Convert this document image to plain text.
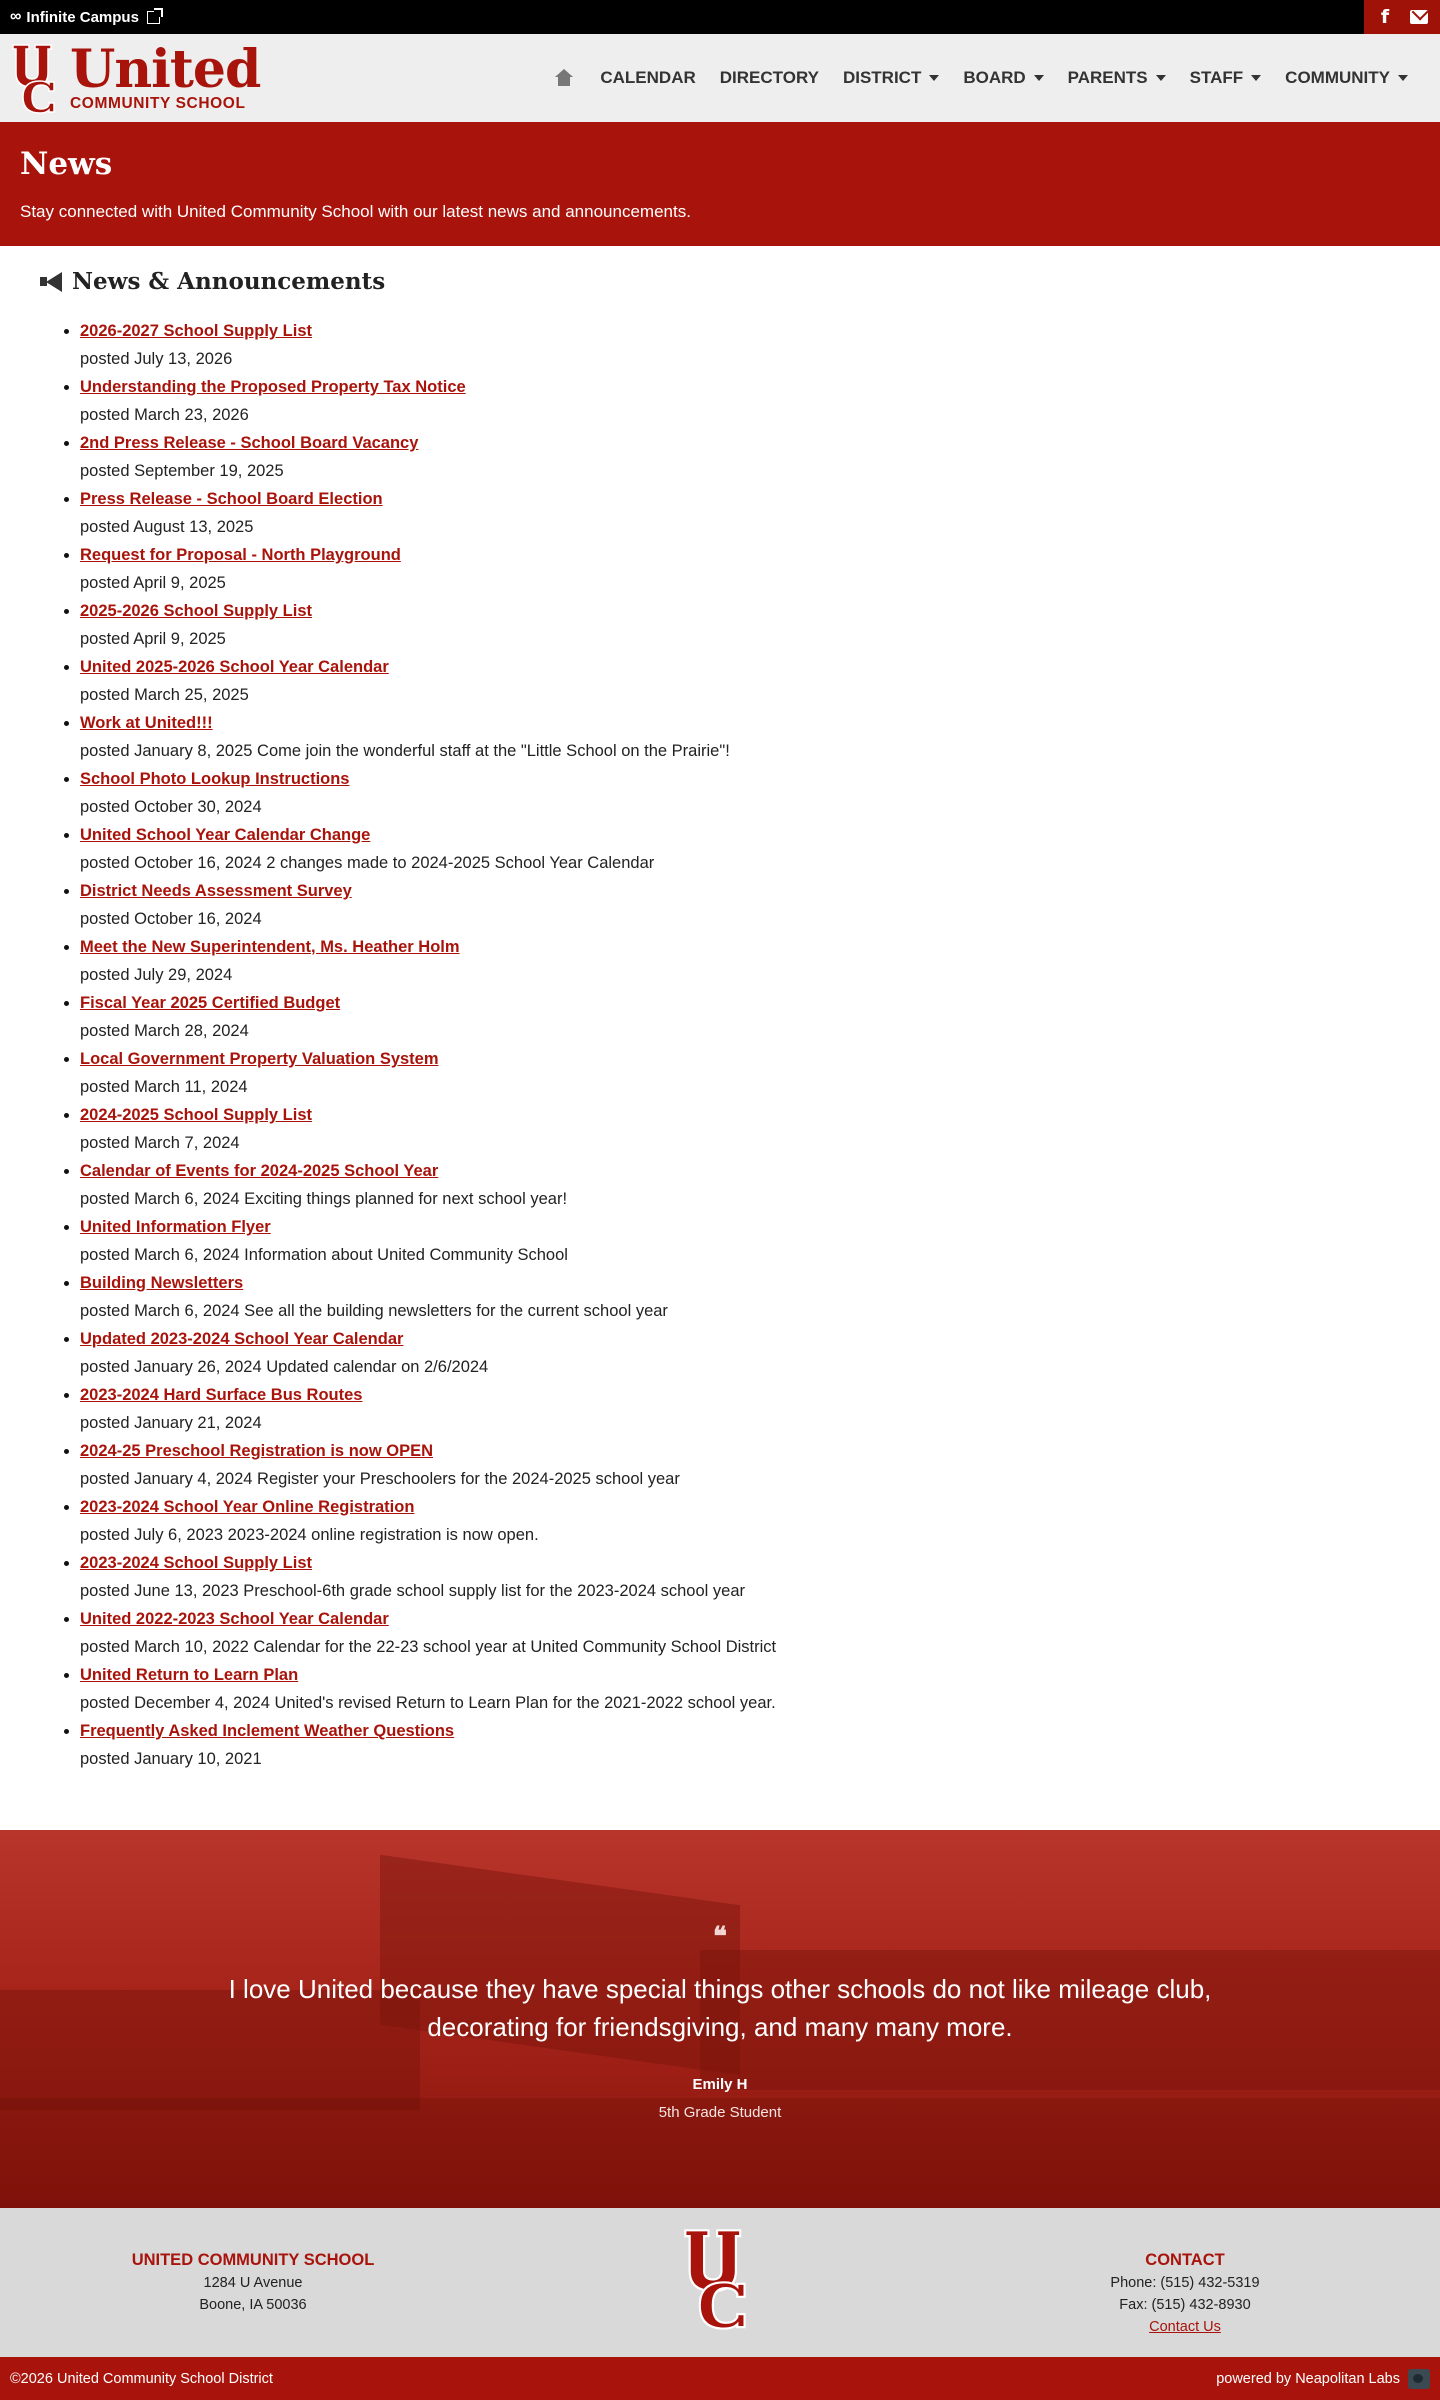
∞ Infinite Campus	f
United
COMMUNITY SCHOOL
CALENDAR DIRECTORY DISTRICT BOARD PARENTS STAFF COMMUNITY
News

Stay connected with United Community School with our latest news and announcements.

News & Announcements
• 2026-2027 School Supply List
posted July 13, 2026
• Understanding the Proposed Property Tax Notice
posted March 23, 2026
• 2nd Press Release - School Board Vacancy
posted September 19, 2025
• Press Release - School Board Election
posted August 13, 2025
• Request for Proposal - North Playground
posted April 9, 2025
• 2025-2026 School Supply List
posted April 9, 2025
• United 2025-2026 School Year Calendar
posted March 25, 2025
• Work at United!!!
posted January 8, 2025 Come join the wonderful staff at the "Little School on the Prairie"!
• School Photo Lookup Instructions
posted October 30, 2024
• United School Year Calendar Change
posted October 16, 2024 2 changes made to 2024-2025 School Year Calendar
• District Needs Assessment Survey
posted October 16, 2024
• Meet the New Superintendent, Ms. Heather Holm
posted July 29, 2024
• Fiscal Year 2025 Certified Budget
posted March 28, 2024
• Local Government Property Valuation System
posted March 11, 2024
• 2024-2025 School Supply List
posted March 7, 2024
• Calendar of Events for 2024-2025 School Year
posted March 6, 2024 Exciting things planned for next school year!
• United Information Flyer
posted March 6, 2024 Information about United Community School
• Building Newsletters
posted March 6, 2024 See all the building newsletters for the current school year
• Updated 2023-2024 School Year Calendar
posted January 26, 2024 Updated calendar on 2/6/2024
• 2023-2024 Hard Surface Bus Routes
posted January 21, 2024
• 2024-25 Preschool Registration is now OPEN
posted January 4, 2024 Register your Preschoolers for the 2024-2025 school year
• 2023-2024 School Year Online Registration
posted July 6, 2023 2023-2024 online registration is now open.
• 2023-2024 School Supply List
posted June 13, 2023 Preschool-6th grade school supply list for the 2023-2024 school year
• United 2022-2023 School Year Calendar
posted March 10, 2022 Calendar for the 22-23 school year at United Community School District
• United Return to Learn Plan
posted December 4, 2024 United's revised Return to Learn Plan for the 2021-2022 school year.
• Frequently Asked Inclement Weather Questions
posted January 10, 2021
❝

I love United because they have special things other schools do not like mileage club, decorating for friendsgiving, and many many more.

Emily H
5th Grade Student
UNITED COMMUNITY SCHOOL
1284 U Avenue
Boone, IA 50036
CONTACT
Phone: (515) 432-5319
Fax: (515) 432-8930
Contact Us
©2026 United Community School District	powered by Neapolitan Labs
